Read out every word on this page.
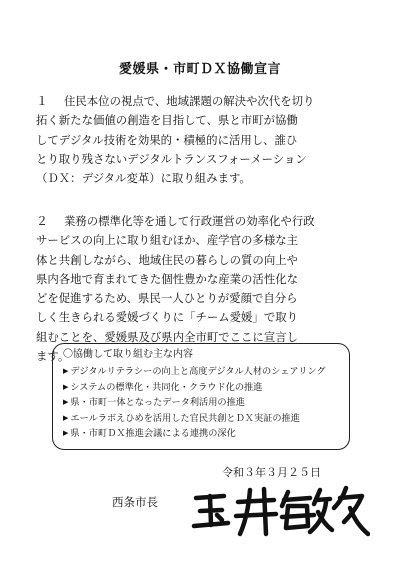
愛媛県・市町ＤＸ協働宣言
１	住民本位の視点で、地域課題の解決や次代を切り
拓く新たな価値の創造を目指して、県と市町が協働
してデジタル技術を効果的・積極的に活用し、誰ひ
とり取り残さないデジタルトランスフォーメーション
（ＤＸ：デジタル変革）に取り組みます。
２	業務の標準化等を通して行政運営の効率化や行政
サービスの向上に取り組むほか、産学官の多様な主
体と共創しながら、地域住民の暮らしの質の向上や
県内各地で育まれてきた個性豊かな産業の活性化な
どを促進するため、県民一人ひとりが愛顔で自分ら
しく生きられる愛媛づくりに「チーム愛媛」で取り
組むことを、愛媛県及び県内全市町でここに宣言し
ます。
〇協働して取り組む主な内容
▶ デジタルリテラシーの向上と高度デジタル人材のシェアリング
▶ システムの標準化・共同化・クラウド化の推進
▶ 県・市町一体となったデータ利活用の推進
▶ エールラボえひめを活用した官民共創とＤＸ実証の推進
▶ 県・市町ＤＸ推進会議による連携の深化
令和３年３月２５日
西条市長
